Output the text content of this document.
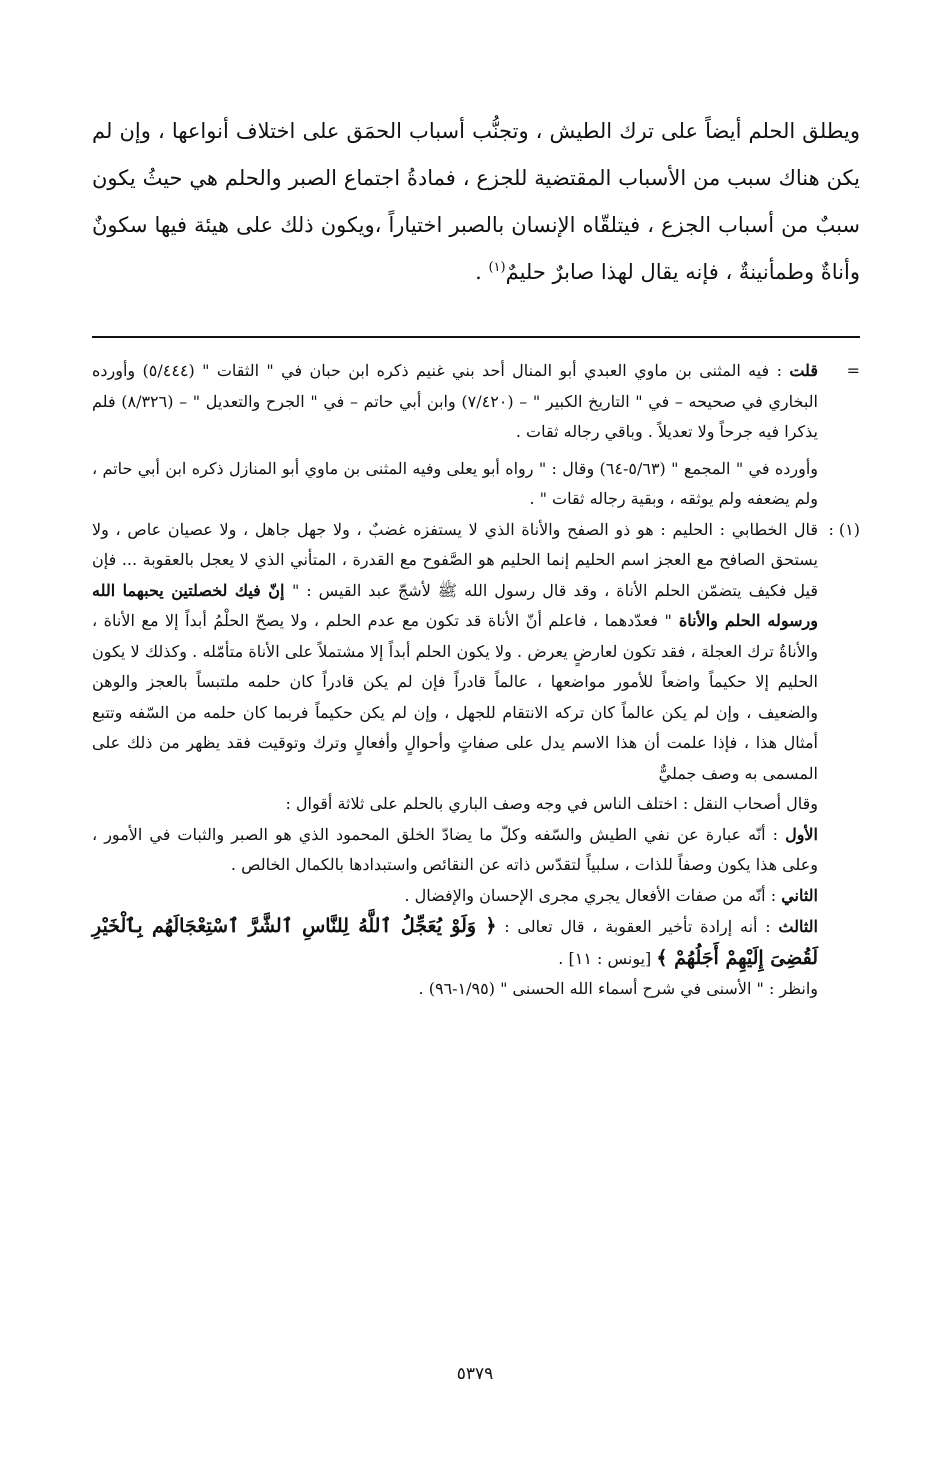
ويطلق الحلم أيضاً على ترك الطيش ، وتجنُّب أسباب الحمَق على اختلاف أنواعها ، وإن لم يكن هناك سبب من الأسباب المقتضية للجزع ، فمادةُ اجتماع الصبر والحلم هي حيثُ يكون سببٌ من أسباب الجزع ، فيتلقّاه الإنسان بالصبر اختياراً ،ويكون ذلك على هيئة فيها سكونٌ وأناةٌ وطمأنينةٌ ، فإنه يقال لهذا صابرٌ حليمٌ$^{(١)}$ .

=

قلت : فيه المثنى بن ماوي العبدي أبو المنال أحد بني غنيم ذكره ابن حبان في " الثقات " (٥/٤٤٤) وأورده البخاري في صحيحه – في " التاريخ الكبير " – (٧/٤٢٠) وابن أبي حاتم – في " الجرح والتعديل " – (٨/٣٢٦) فلم يذكرا فيه جرحاً ولا تعديلاً . وباقي رجاله ثقات .

وأورده في " المجمع " (٥/٦٣-٦٤) وقال : " رواه أبو يعلى وفيه المثنى بن ماوي أبو المنازل ذكره ابن أبي حاتم ، ولم يضعفه ولم يوثقه ، وبقية رجاله ثقات " .

(١) :

قال الخطابي : الحليم : هو ذو الصفح والأناة الذي لا يستفزه غضبٌ ، ولا جهل جاهل ، ولا عصيان عاص ، ولا يستحق الصافح مع العجز اسم الحليم إنما الحليم هو الصَّفوح مع القدرة ، المتأني الذي لا يعجل بالعقوبة ... فإن قيل فكيف يتضمّن الحلم الأناة ، وقد قال رسول الله ﷺ لأشجّ عبد القيس : " إنّ فيك لخصلتين يحبهما الله ورسوله الحلم والأناة " فعدّدهما ، فاعلم أنّ الأناة قد تكون مع عدم الحلم ، ولا يصحّ الحلْمُ أبداً إلا مع الأناة ، والأناةُ ترك العجلة ، فقد تكون لعارضٍ يعرض . ولا يكون الحلم أبداً إلا مشتملاً على الأناة متأمّله . وكذلك لا يكون الحليم إلا حكيماً واضعاً للأمور مواضعها ، عالماً قادراً فإن لم يكن قادراً كان حلمه ملتبساً بالعجز والوهن والضعيف ، وإن لم يكن عالماً كان تركه الانتقام للجهل ، وإن لم يكن حكيماً فربما كان حلمه من السّفه وتتبع أمثال هذا ، فإذا علمت أن هذا الاسم يدل على صفاتٍ وأحوالٍ وأفعالٍ وترك وتوقيت فقد يظهر من ذلك على المسمى به وصف جمليٌّ

وقال أصحاب النقل : اختلف الناس في وجه وصف الباري بالحلم على ثلاثة أقوال :

الأول : أنّه عبارة عن نفي الطيش والسّفه وكلّ ما يضادّ الخلق المحمود الذي هو الصبر والثبات في الأمور ، وعلى هذا يكون وصفاً للذات ، سلبياً لتقدّس ذاته عن النقائص واستبدادها بالكمال الخالص .

الثاني : أنّه من صفات الأفعال يجري مجرى الإحسان والإفضال .

الثالث : أنه إرادة تأخير العقوبة ، قال تعالى : ﴿ وَلَوْ يُعَجِّلُ ٱللَّهُ لِلنَّاسِ ٱلشَّرَّ ٱسْتِعْجَالَهُم بِٱلْخَيْرِ لَقُضِىَ إِلَيْهِمْ أَجَلُهُمْ ﴾ [يونس : ١١] .

وانظر : " الأسنى في شرح أسماء الله الحسنى " (١/٩٥-٩٦) .

٥٣٧٩
